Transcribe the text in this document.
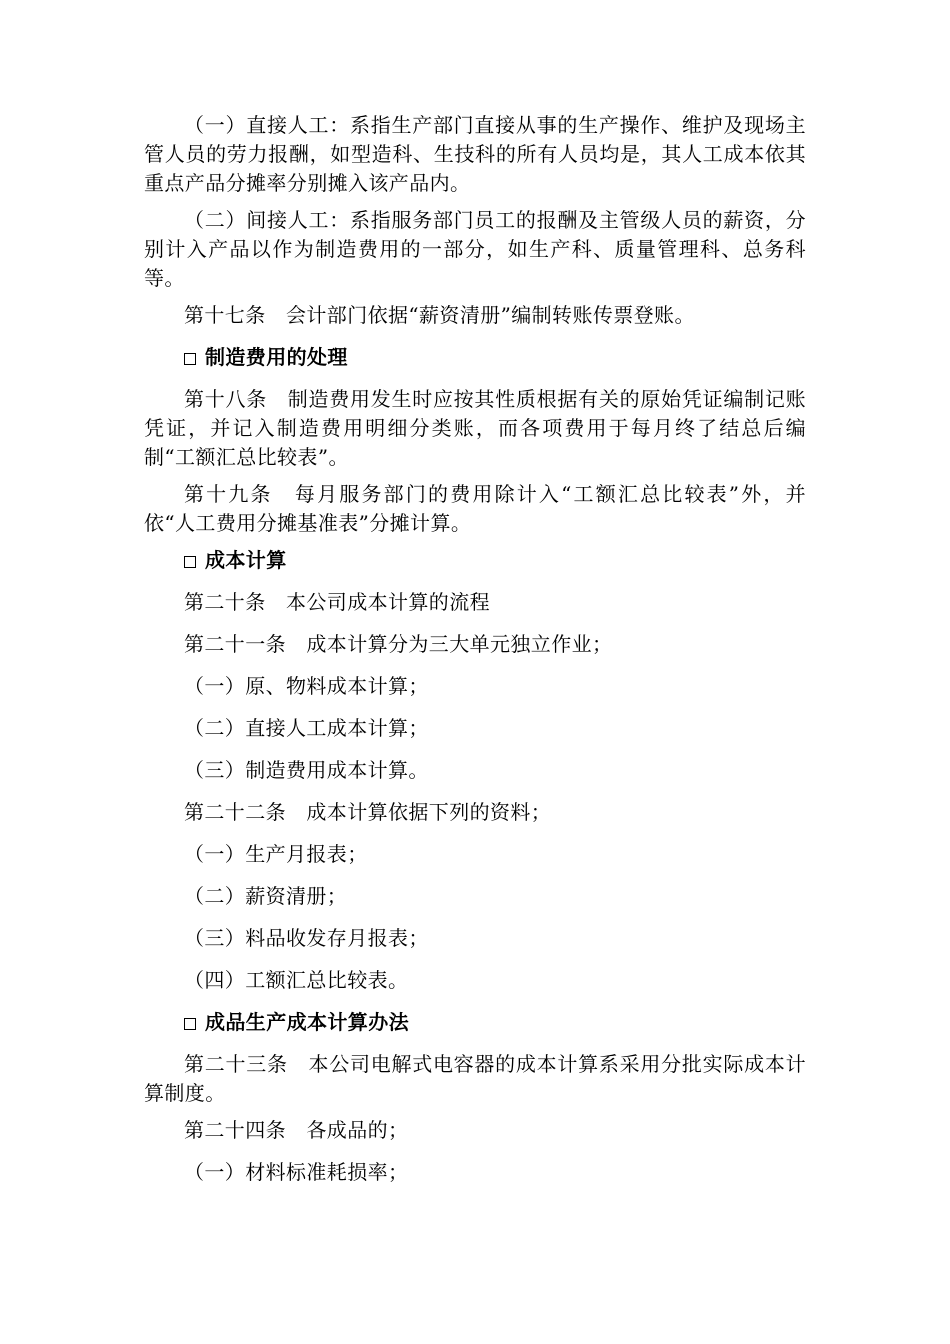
（一）直接人工：系指生产部门直接从事的生产操作、维护及现场主管人员的劳力报酬，如型造科、生技科的所有人员均是，其人工成本依其重点产品分摊率分别摊入该产品内。

（二）间接人工：系指服务部门员工的报酬及主管级人员的薪资，分别计入产品以作为制造费用的一部分，如生产科、质量管理科、总务科等。

第十七条　会计部门依据“薪资清册”编制转账传票登账。

制造费用的处理

第十八条　制造费用发生时应按其性质根据有关的原始凭证编制记账凭证，并记入制造费用明细分类账，而各项费用于每月终了结总后编制“工额汇总比较表”。

第十九条　每月服务部门的费用除计入“工额汇总比较表”外，并依“人工费用分摊基准表”分摊计算。

成本计算

第二十条　本公司成本计算的流程

第二十一条　成本计算分为三大单元独立作业；

（一）原、物料成本计算；
（二）直接人工成本计算；
（三）制造费用成本计算。

第二十二条　成本计算依据下列的资料；

（一）生产月报表；
（二）薪资清册；
（三）料品收发存月报表；
（四）工额汇总比较表。
成品生产成本计算办法

第二十三条　本公司电解式电容器的成本计算系采用分批实际成本计算制度。

第二十四条　各成品的；

（一）材料标准耗损率；
